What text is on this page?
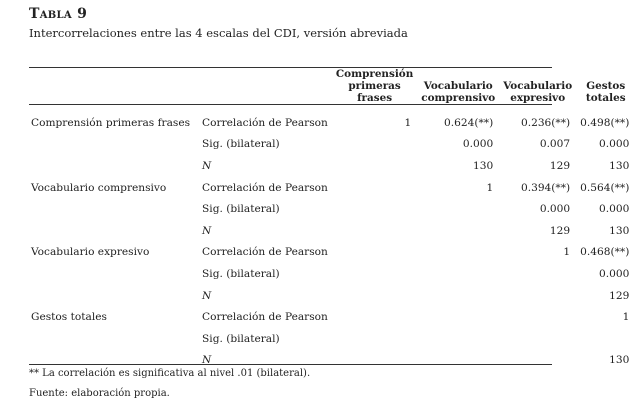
Tabla 9
Intercorrelaciones entre las 4 escalas del CDI, versión abreviada
		Comprensión primeras frases	Vocabulario comprensivo	Vocabulario expresivo	Gestos totales
Comprensión primeras frases	Correlación de Pearson	1	0.624(**)	0.236(**)	0.498(**)
	Sig. (bilateral)		0.000	0.007	0.000
	N		130	129	130
Vocabulario comprensivo	Correlación de Pearson		1	0.394(**)	0.564(**)
	Sig. (bilateral)			0.000	0.000
	N			129	130
Vocabulario expresivo	Correlación de Pearson			1	0.468(**)
	Sig. (bilateral)				0.000
	N				129
Gestos totales	Correlación de Pearson				1
	Sig. (bilateral)				
	N				130
** La correlación es significativa al nivel .01 (bilateral).
Fuente: elaboración propia.
